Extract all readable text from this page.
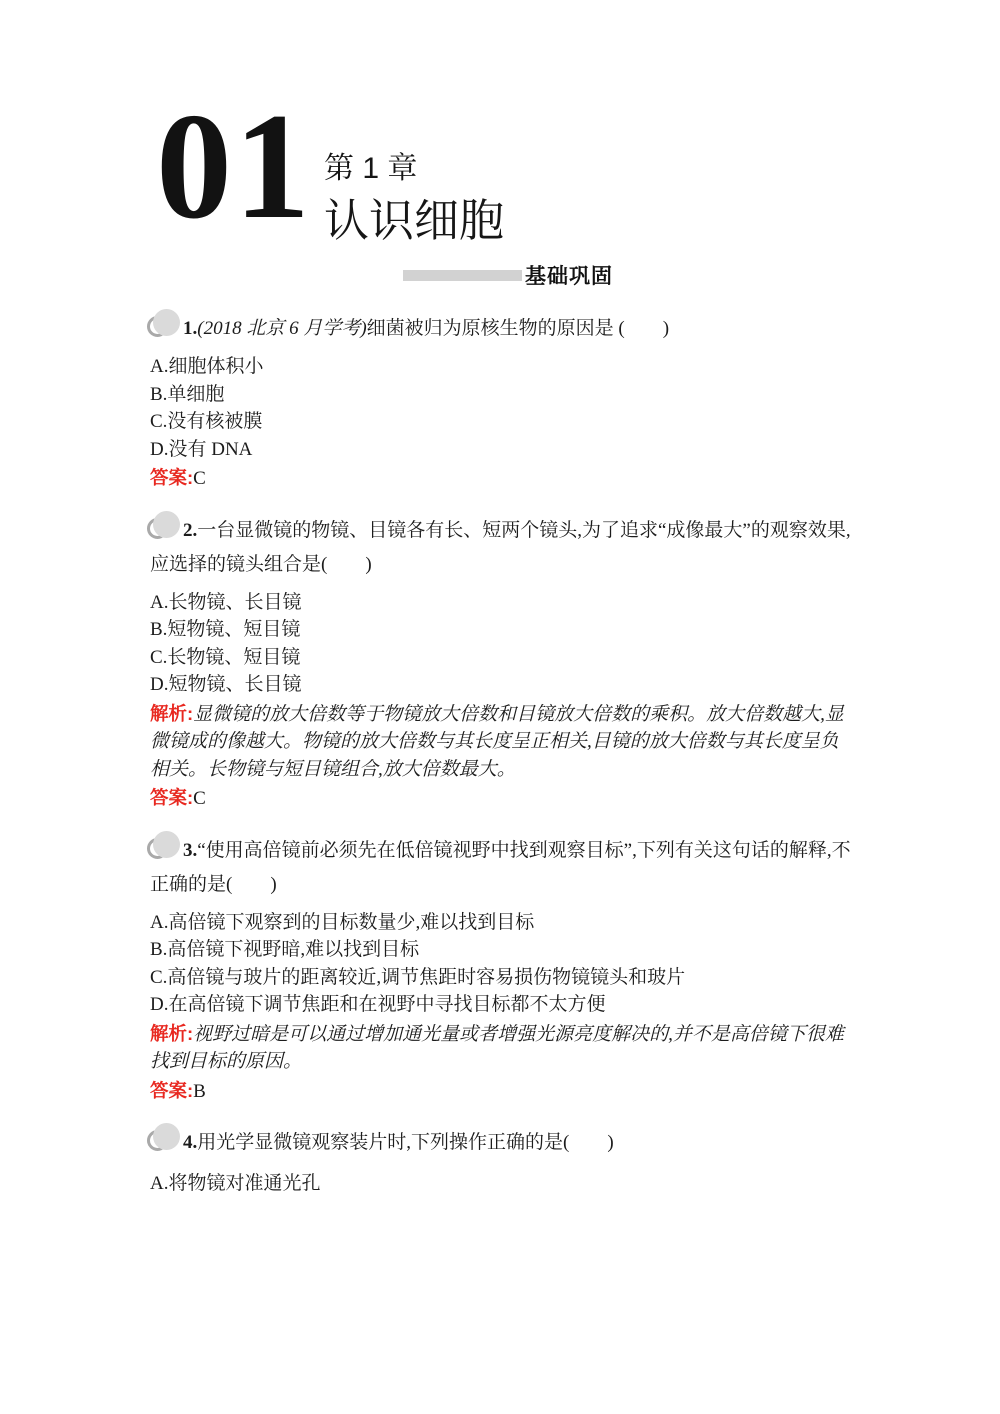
01 第 1 章
认识细胞
基础巩固

1.(2018 北京 6 月学考)细菌被归为原核生物的原因是 (　　)

A.细胞体积小

B.单细胞

C.没有核被膜

D.没有 DNA

答案:C

2.一台显微镜的物镜、目镜各有长、短两个镜头,为了追求“成像最大”的观察效果,应选择的镜头组合是(　　)

A.长物镜、长目镜

B.短物镜、短目镜

C.长物镜、短目镜

D.短物镜、长目镜

解析:显微镜的放大倍数等于物镜放大倍数和目镜放大倍数的乘积。放大倍数越大,显微镜成的像越大。物镜的放大倍数与其长度呈正相关,目镜的放大倍数与其长度呈负相关。长物镜与短目镜组合,放大倍数最大。

答案:C

3.“使用高倍镜前必须先在低倍镜视野中找到观察目标”,下列有关这句话的解释,不正确的是(　　)

A.高倍镜下观察到的目标数量少,难以找到目标

B.高倍镜下视野暗,难以找到目标

C.高倍镜与玻片的距离较近,调节焦距时容易损伤物镜镜头和玻片

D.在高倍镜下调节焦距和在视野中寻找目标都不太方便

解析:视野过暗是可以通过增加通光量或者增强光源亮度解决的,并不是高倍镜下很难找到目标的原因。

答案:B

4.用光学显微镜观察装片时,下列操作正确的是(　　)

A.将物镜对准通光孔
